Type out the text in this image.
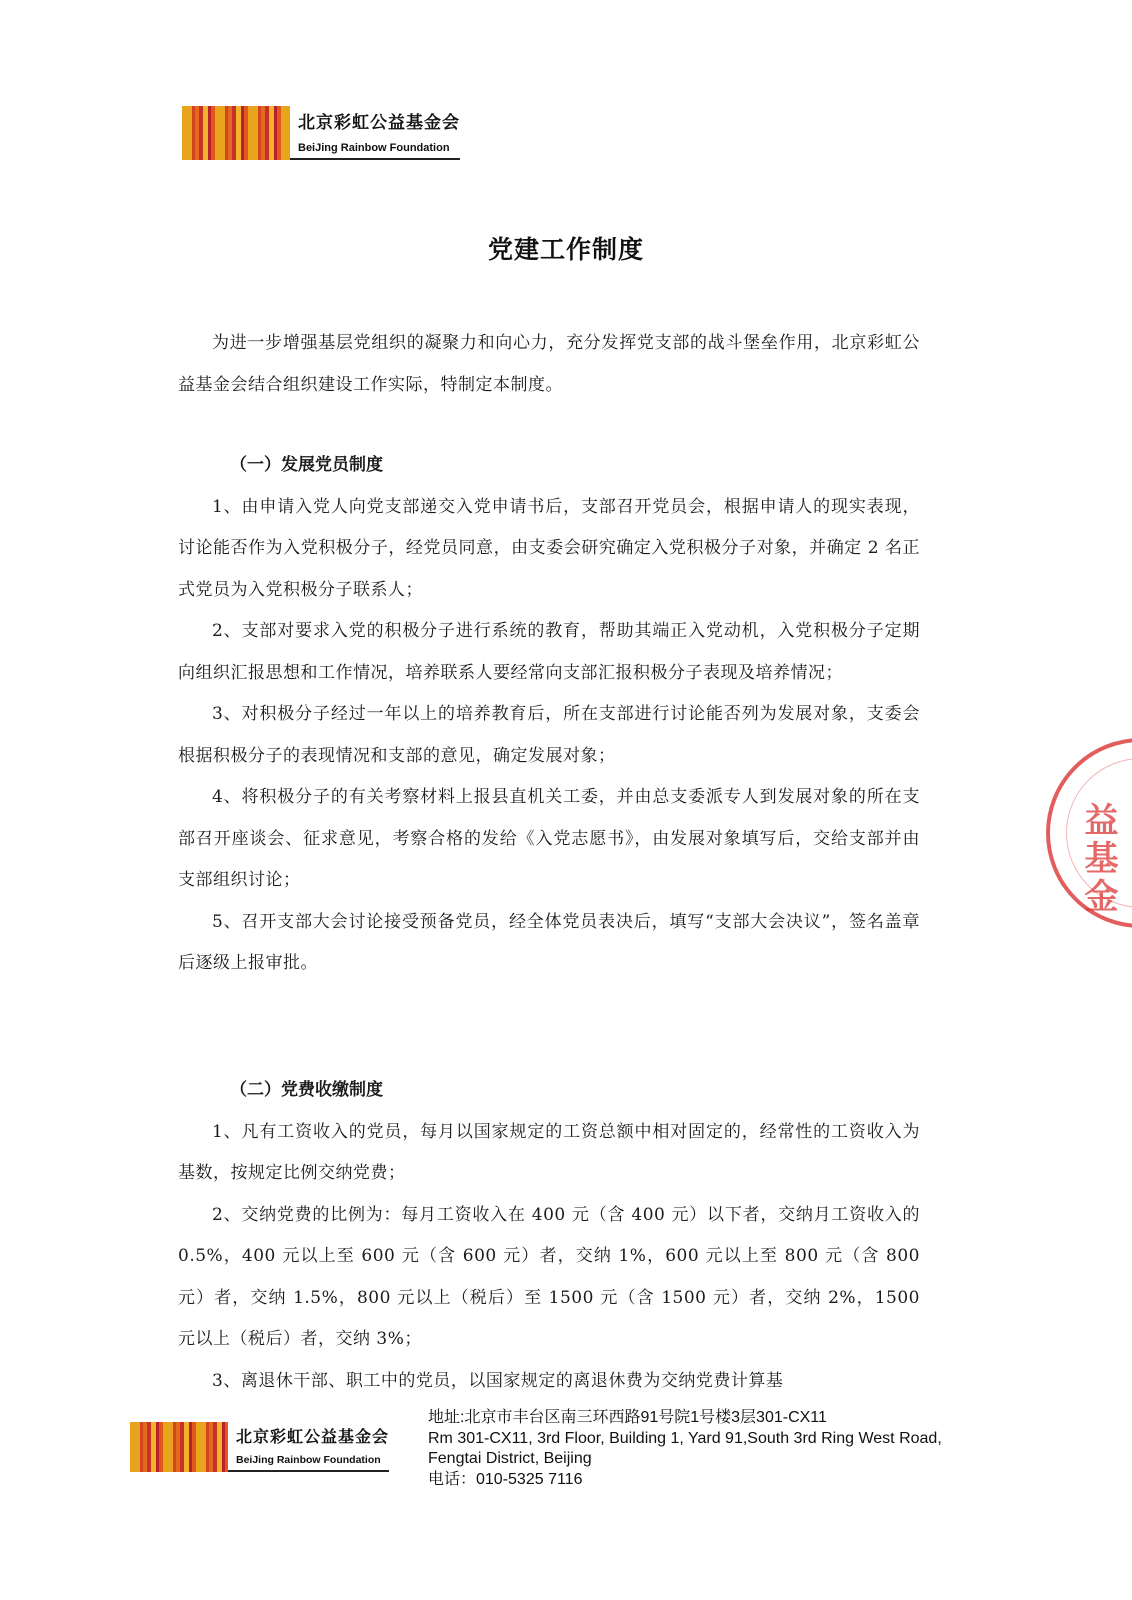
北京彩虹公益基金会
BeiJing Rainbow Foundation
党建工作制度

为进一步增强基层党组织的凝聚力和向心力，充分发挥党支部的战斗堡垒作用，北京彩虹公益基金会结合组织建设工作实际，特制定本制度。

（一）发展党员制度

1、由申请入党人向党支部递交入党申请书后，支部召开党员会，根据申请人的现实表现，讨论能否作为入党积极分子，经党员同意，由支委会研究确定入党积极分子对象，并确定 2 名正式党员为入党积极分子联系人；

2、支部对要求入党的积极分子进行系统的教育，帮助其端正入党动机，入党积极分子定期向组织汇报思想和工作情况，培养联系人要经常向支部汇报积极分子表现及培养情况；

3、对积极分子经过一年以上的培养教育后，所在支部进行讨论能否列为发展对象，支委会根据积极分子的表现情况和支部的意见，确定发展对象；

4、将积极分子的有关考察材料上报县直机关工委，并由总支委派专人到发展对象的所在支部召开座谈会、征求意见，考察合格的发给《入党志愿书》，由发展对象填写后，交给支部并由支部组织讨论；

5、召开支部大会讨论接受预备党员，经全体党员表决后，填写“支部大会决议”，签名盖章后逐级上报审批。

（二）党费收缴制度

1、凡有工资收入的党员，每月以国家规定的工资总额中相对固定的，经常性的工资收入为基数，按规定比例交纳党费；

2、交纳党费的比例为：每月工资收入在 400 元（含 400 元）以下者，交纳月工资收入的 0.5%，400 元以上至 600 元（含 600 元）者，交纳 1%，600 元以上至 800 元（含 800 元）者，交纳 1.5%，800 元以上（税后）至 1500 元（含 1500 元）者，交纳 2%，1500 元以上（税后）者，交纳 3%；

3、离退休干部、职工中的党员，以国家规定的离退休费为交纳党费计算基

益基金
北京彩虹公益基金会
BeiJing Rainbow Foundation
地址:北京市丰台区南三环西路91号院1号楼3层301-CX11
Rm 301-CX11, 3rd Floor, Building 1, Yard 91,South 3rd Ring West Road,
Fengtai District, Beijing
电话：010-5325 7116
